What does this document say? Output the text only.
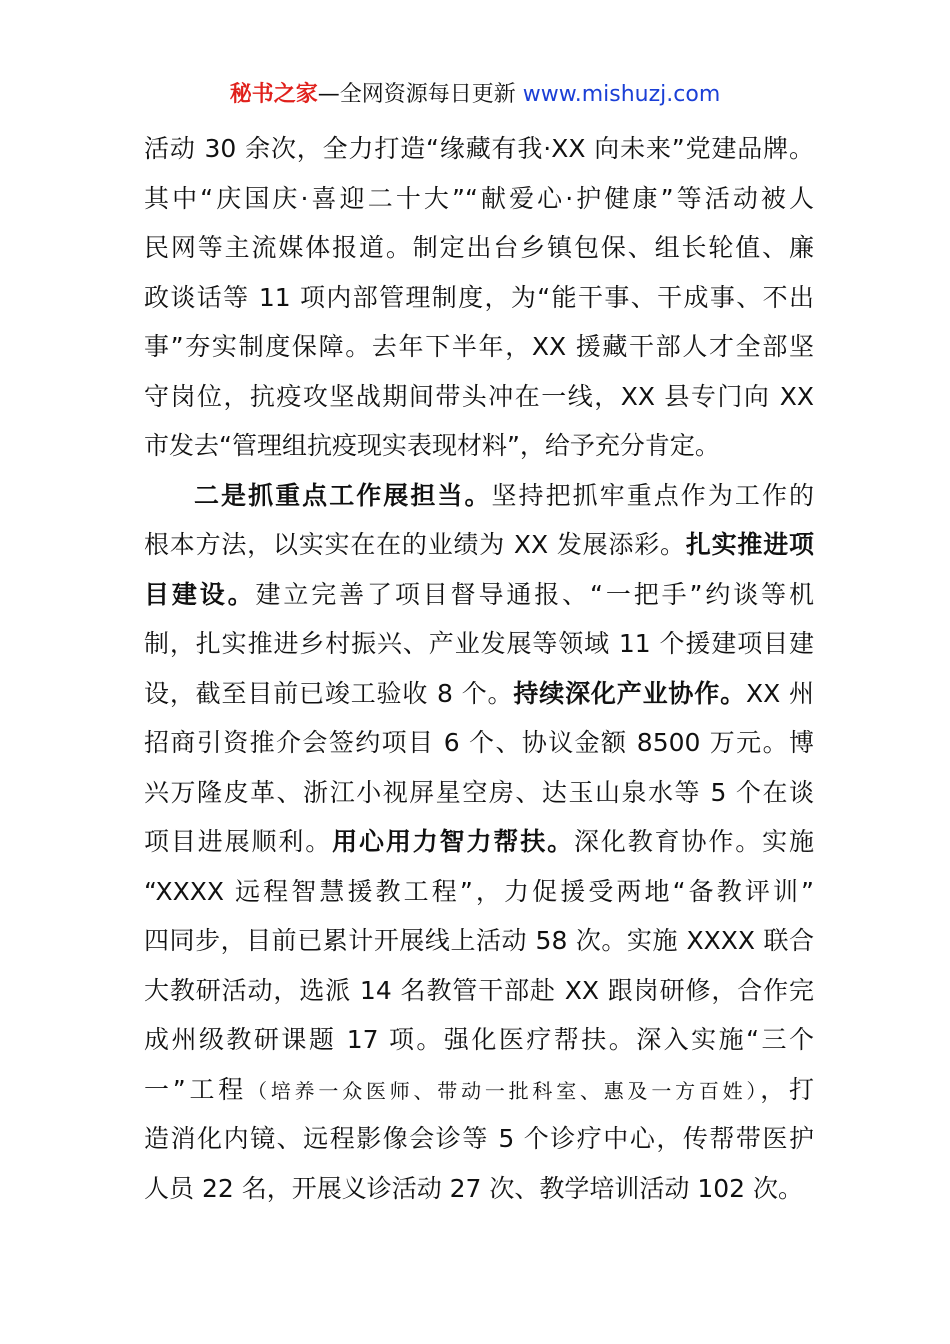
秘书之家—全网资源每日更新 www.mishuzj.com
活动 30 余次，全力打造“缘藏有我·XX 向未来”党建品牌。
其中“庆国庆·喜迎二十大”“献爱心·护健康”等活动被人
民网等主流媒体报道。制定出台乡镇包保、组长轮值、廉
政谈话等 11 项内部管理制度，为“能干事、干成事、不出
事”夯实制度保障。去年下半年，XX 援藏干部人才全部坚
守岗位，抗疫攻坚战期间带头冲在一线，XX 县专门向 XX
市发去“管理组抗疫现实表现材料”，给予充分肯定。
二是抓重点工作展担当。坚持把抓牢重点作为工作的
根本方法，以实实在在的业绩为 XX 发展添彩。扎实推进项
目建设。建立完善了项目督导通报、“一把手”约谈等机
制，扎实推进乡村振兴、产业发展等领域 11 个援建项目建
设，截至目前已竣工验收 8 个。持续深化产业协作。XX 州
招商引资推介会签约项目 6 个、协议金额 8500 万元。博
兴万隆皮革、浙江小视屏星空房、达玉山泉水等 5 个在谈
项目进展顺利。用心用力智力帮扶。深化教育协作。实施
“XXXX 远程智慧援教工程”，力促援受两地“备教评训”
四同步，目前已累计开展线上活动 58 次。实施 XXXX 联合
大教研活动，选派 14 名教管干部赴 XX 跟岗研修，合作完
成州级教研课题 17 项。强化医疗帮扶。深入实施“三个
一”工程（培养一众医师、带动一批科室、惠及一方百姓），打
造消化内镜、远程影像会诊等 5 个诊疗中心，传帮带医护
人员 22 名，开展义诊活动 27 次、教学培训活动 102 次。
